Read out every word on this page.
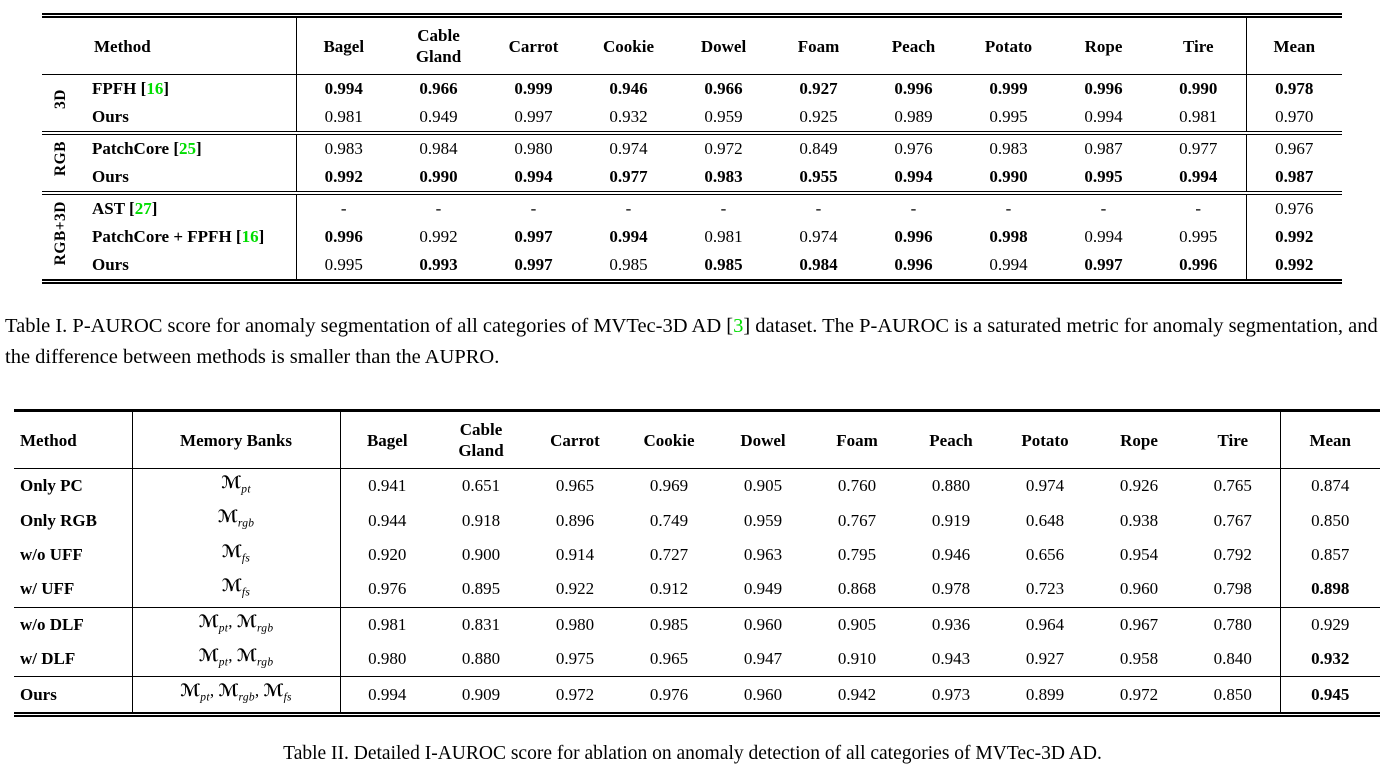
Method		Bagel	Cable
Gland	Carrot	Cookie	Dowel	Foam	Peach	Potato	Rope	Tire	Mean
3D	FPFH [16]	0.994	0.966	0.999	0.946	0.966	0.927	0.996	0.999	0.996	0.990	0.978
	Ours	0.981	0.949	0.997	0.932	0.959	0.925	0.989	0.995	0.994	0.981	0.970
RGB	PatchCore [25]	0.983	0.984	0.980	0.974	0.972	0.849	0.976	0.983	0.987	0.977	0.967
	Ours	0.992	0.990	0.994	0.977	0.983	0.955	0.994	0.990	0.995	0.994	0.987
RGB+3D	AST [27]	-	-	-	-	-	-	-	-	-	-	0.976
	PatchCore + FPFH [16]	0.996	0.992	0.997	0.994	0.981	0.974	0.996	0.998	0.994	0.995	0.992
	Ours	0.995	0.993	0.997	0.985	0.985	0.984	0.996	0.994	0.997	0.996	0.992

Table I. P-AUROC score for anomaly segmentation of all categories of MVTec-3D AD [3] dataset. The P-AUROC is a saturated metric for anomaly segmentation, and the difference between methods is smaller than the AUPRO.

Method	Memory Banks	Bagel	Cable
Gland	Carrot	Cookie	Dowel	Foam	Peach	Potato	Rope	Tire	Mean
Only PC	ℳ$_{pt}$	0.941	0.651	0.965	0.969	0.905	0.760	0.880	0.974	0.926	0.765	0.874
Only RGB	ℳ$_{rgb}$	0.944	0.918	0.896	0.749	0.959	0.767	0.919	0.648	0.938	0.767	0.850
w/o UFF	ℳ$_{fs}$	0.920	0.900	0.914	0.727	0.963	0.795	0.946	0.656	0.954	0.792	0.857
w/ UFF	ℳ$_{fs}$	0.976	0.895	0.922	0.912	0.949	0.868	0.978	0.723	0.960	0.798	0.898
w/o DLF	ℳ$_{pt}$, ℳ$_{rgb}$	0.981	0.831	0.980	0.985	0.960	0.905	0.936	0.964	0.967	0.780	0.929
w/ DLF	ℳ$_{pt}$, ℳ$_{rgb}$	0.980	0.880	0.975	0.965	0.947	0.910	0.943	0.927	0.958	0.840	0.932
Ours	ℳ$_{pt}$, ℳ$_{rgb}$, ℳ$_{fs}$	0.994	0.909	0.972	0.976	0.960	0.942	0.973	0.899	0.972	0.850	0.945

Table II. Detailed I-AUROC score for ablation on anomaly detection of all categories of MVTec-3D AD.
